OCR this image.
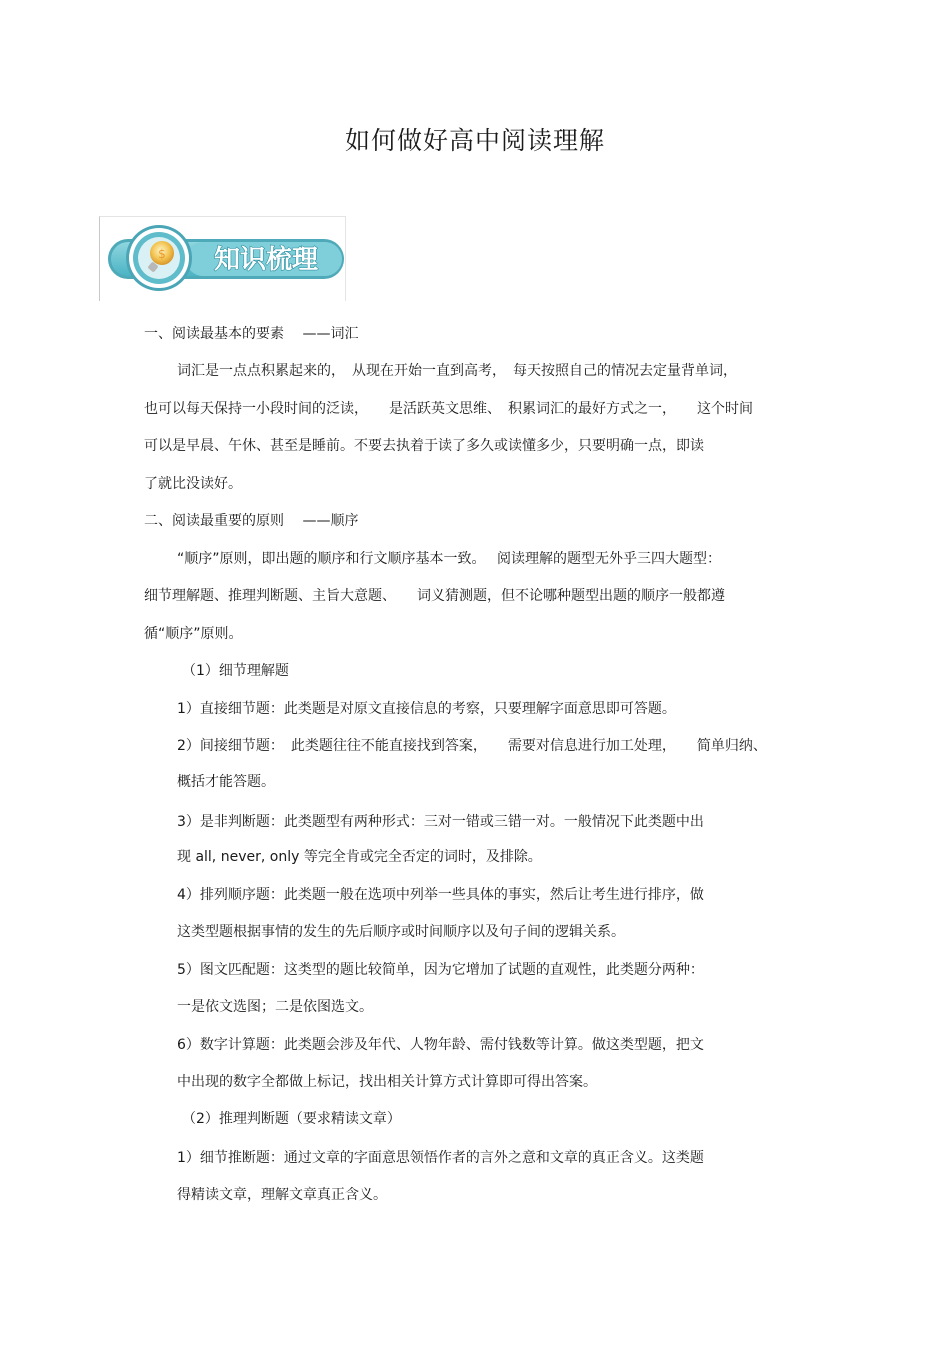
如何做好高中阅读理解
$ 知识梳理
一、阅读最基本的要素　 ——词汇
词汇是一点点积累起来的，　从现在开始一直到高考，　每天按照自己的情况去定量背单词，
也可以每天保持一小段时间的泛读，　　是活跃英文思维、　积累词汇的最好方式之一，　　这个时间
可以是早晨、午休、甚至是睡前。不要去执着于读了多久或读懂多少，只要明确一点，即读
了就比没读好。
二、阅读最重要的原则　 ——顺序
“顺序”原则，即出题的顺序和行文顺序基本一致。　 阅读理解的题型无外乎三四大题型：
细节理解题、推理判断题、主旨大意题、　　词义猜测题，但不论哪种题型出题的顺序一般都遵
循“顺序”原则。
（1）细节理解题
1）直接细节题：此类题是对原文直接信息的考察，只要理解字面意思即可答题。
2）间接细节题：　此类题往往不能直接找到答案，　　需要对信息进行加工处理，　　简单归纳、
概括才能答题。
3）是非判断题：此类题型有两种形式：三对一错或三错一对。一般情况下此类题中出
现 all, never, only 等完全肯或完全否定的词时，及排除。
4）排列顺序题：此类题一般在选项中列举一些具体的事实，然后让考生进行排序，做
这类型题根据事情的发生的先后顺序或时间顺序以及句子间的逻辑关系。
5）图文匹配题：这类型的题比较简单，因为它增加了试题的直观性，此类题分两种：
一是依文选图；二是依图选文。
6）数字计算题：此类题会涉及年代、人物年龄、需付钱数等计算。做这类型题，把文
中出现的数字全都做上标记，找出相关计算方式计算即可得出答案。
（2）推理判断题（要求精读文章）
1）细节推断题：通过文章的字面意思领悟作者的言外之意和文章的真正含义。这类题
得精读文章，理解文章真正含义。
